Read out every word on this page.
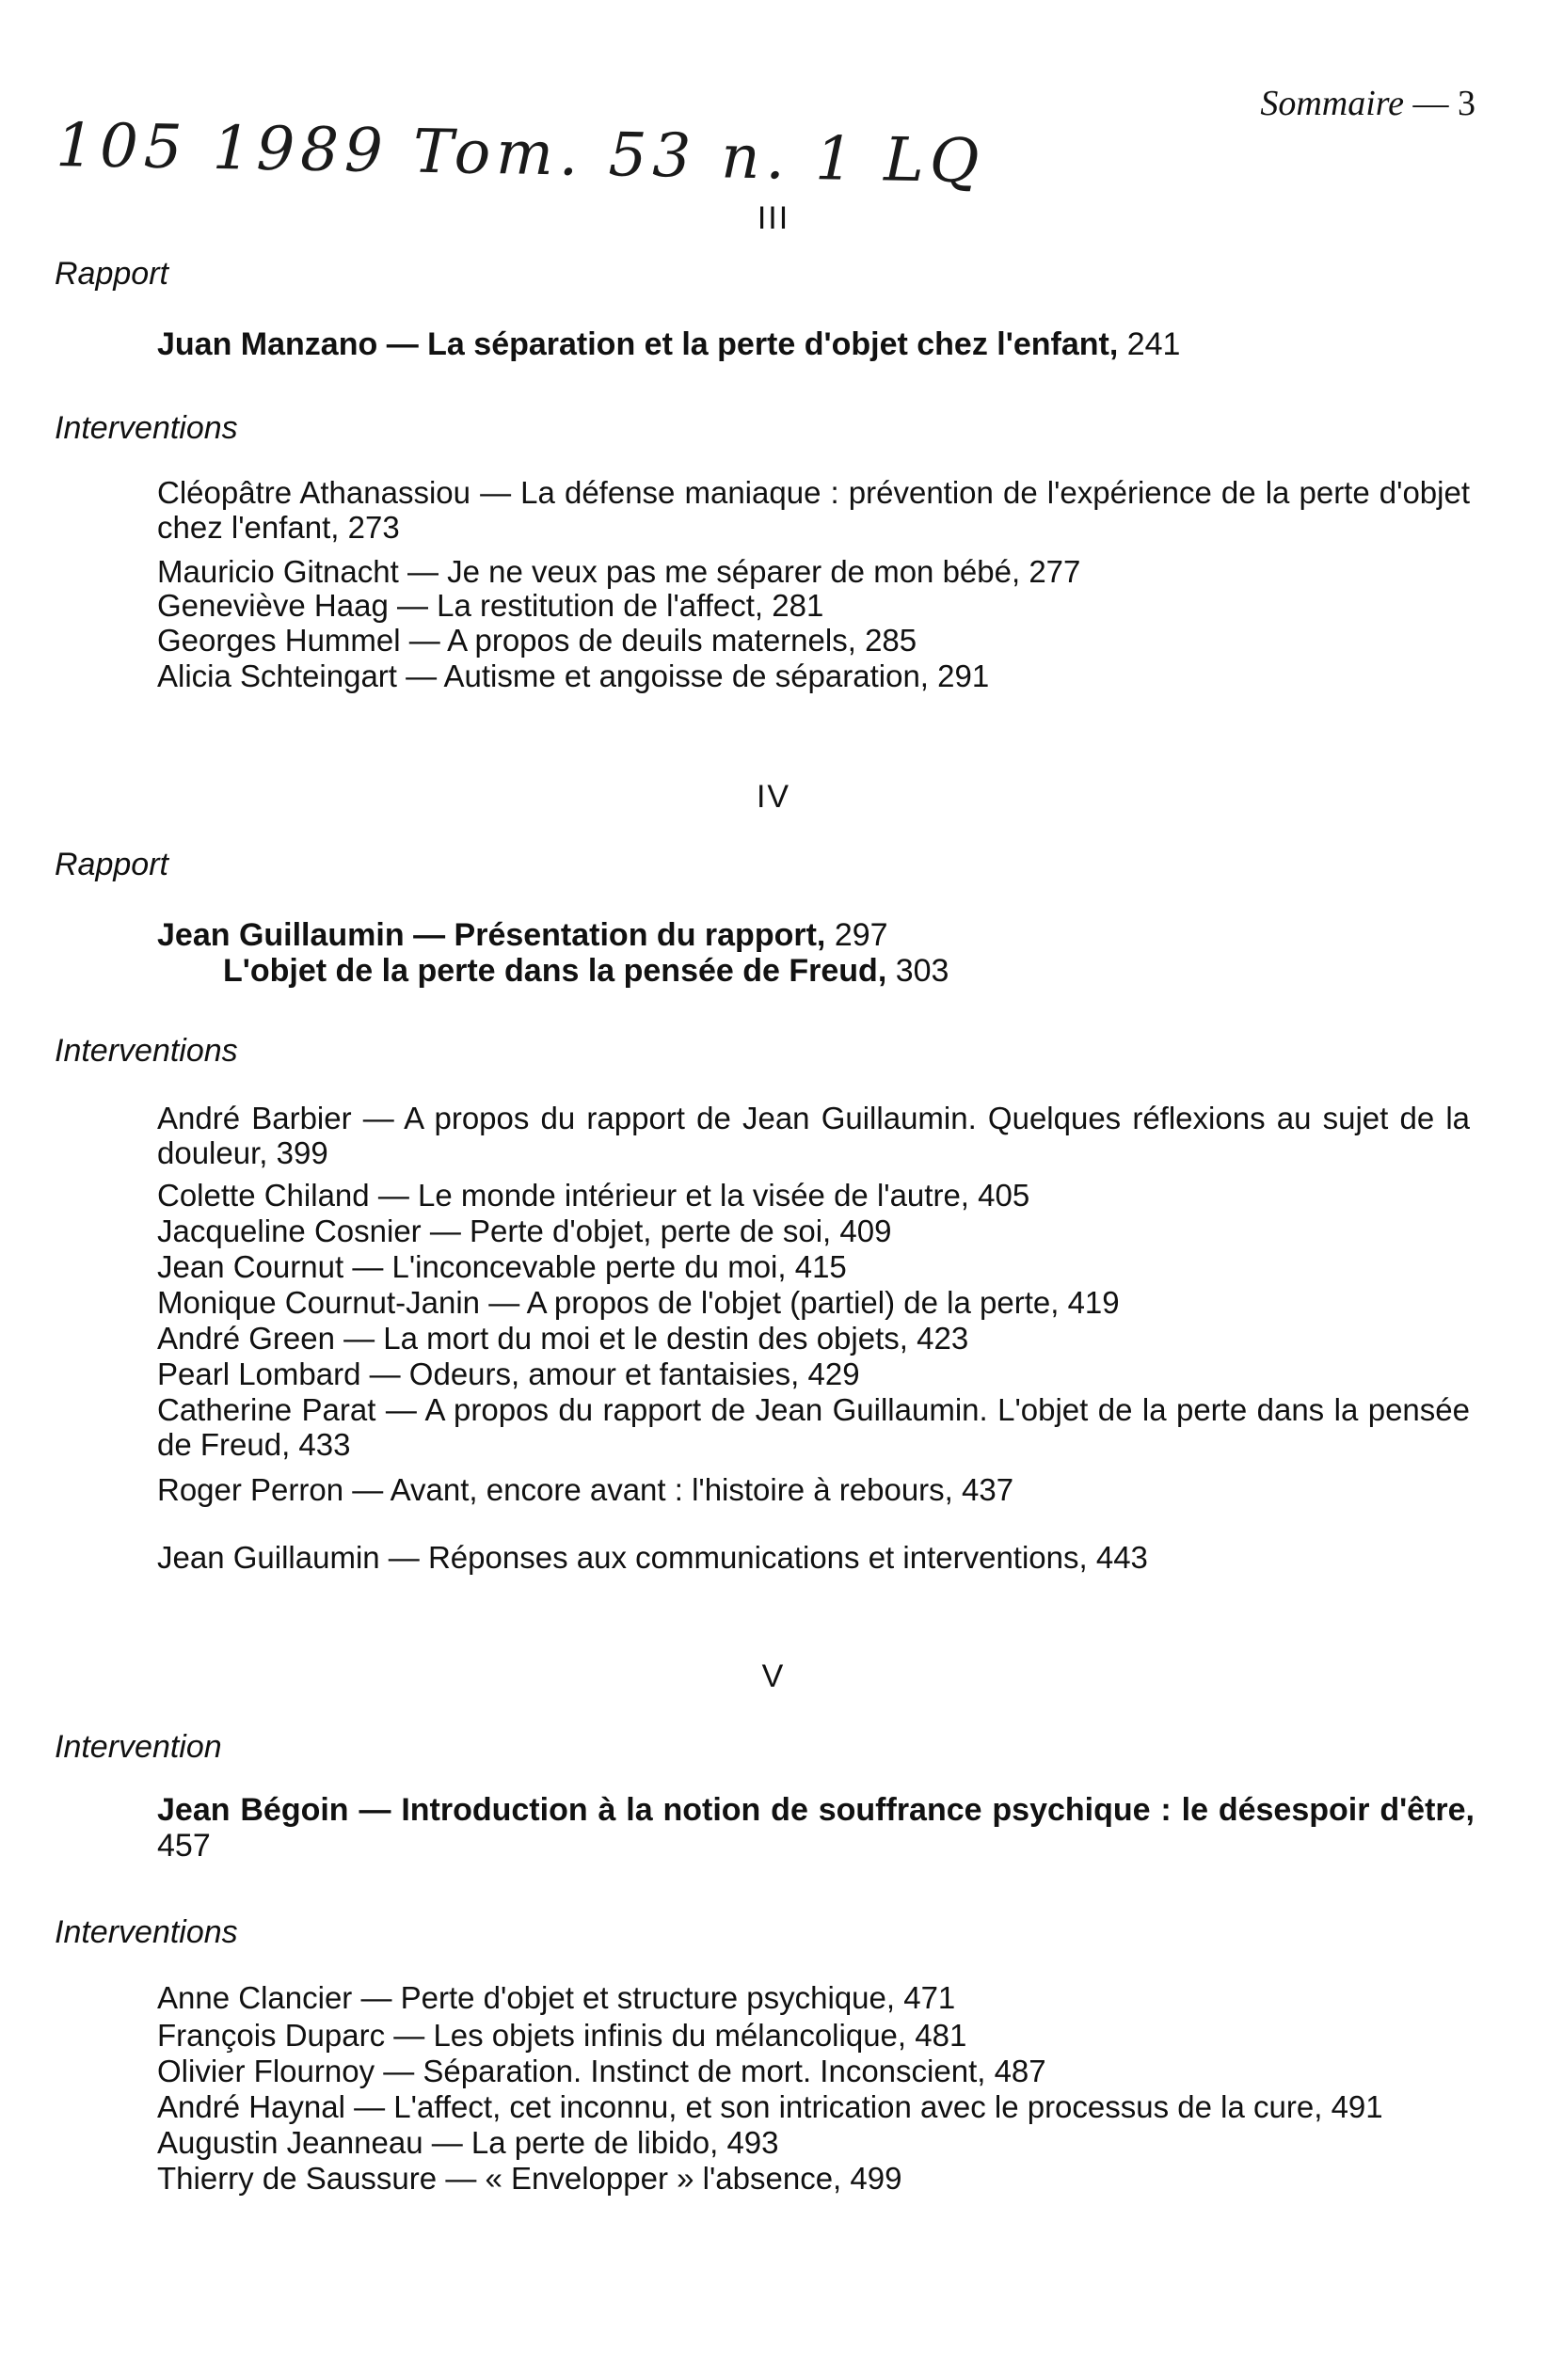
105 1989 Tom. 53 n. 1 LQ
Sommaire — 3
III
Rapport
Juan Manzano — La séparation et la perte d'objet chez l'enfant, 241
Interventions
Cléopâtre Athanassiou — La défense maniaque : prévention de l'expérience de la perte d'objet chez l'enfant, 273
Mauricio Gitnacht — Je ne veux pas me séparer de mon bébé, 277
Geneviève Haag — La restitution de l'affect, 281
Georges Hummel — A propos de deuils maternels, 285
Alicia Schteingart — Autisme et angoisse de séparation, 291
IV
Rapport
Jean Guillaumin — Présentation du rapport, 297
L'objet de la perte dans la pensée de Freud, 303
Interventions
André Barbier — A propos du rapport de Jean Guillaumin. Quelques réflexions au sujet de la douleur, 399
Colette Chiland — Le monde intérieur et la visée de l'autre, 405
Jacqueline Cosnier — Perte d'objet, perte de soi, 409
Jean Cournut — L'inconcevable perte du moi, 415
Monique Cournut-Janin — A propos de l'objet (partiel) de la perte, 419
André Green — La mort du moi et le destin des objets, 423
Pearl Lombard — Odeurs, amour et fantaisies, 429
Catherine Parat — A propos du rapport de Jean Guillaumin. L'objet de la perte dans la pensée de Freud, 433
Roger Perron — Avant, encore avant : l'histoire à rebours, 437
Jean Guillaumin — Réponses aux communications et interventions, 443
V
Intervention
Jean Bégoin — Introduction à la notion de souffrance psychique : le désespoir d'être, 457
Interventions
Anne Clancier — Perte d'objet et structure psychique, 471
François Duparc — Les objets infinis du mélancolique, 481
Olivier Flournoy — Séparation. Instinct de mort. Inconscient, 487
André Haynal — L'affect, cet inconnu, et son intrication avec le processus de la cure, 491
Augustin Jeanneau — La perte de libido, 493
Thierry de Saussure — « Envelopper » l'absence, 499
